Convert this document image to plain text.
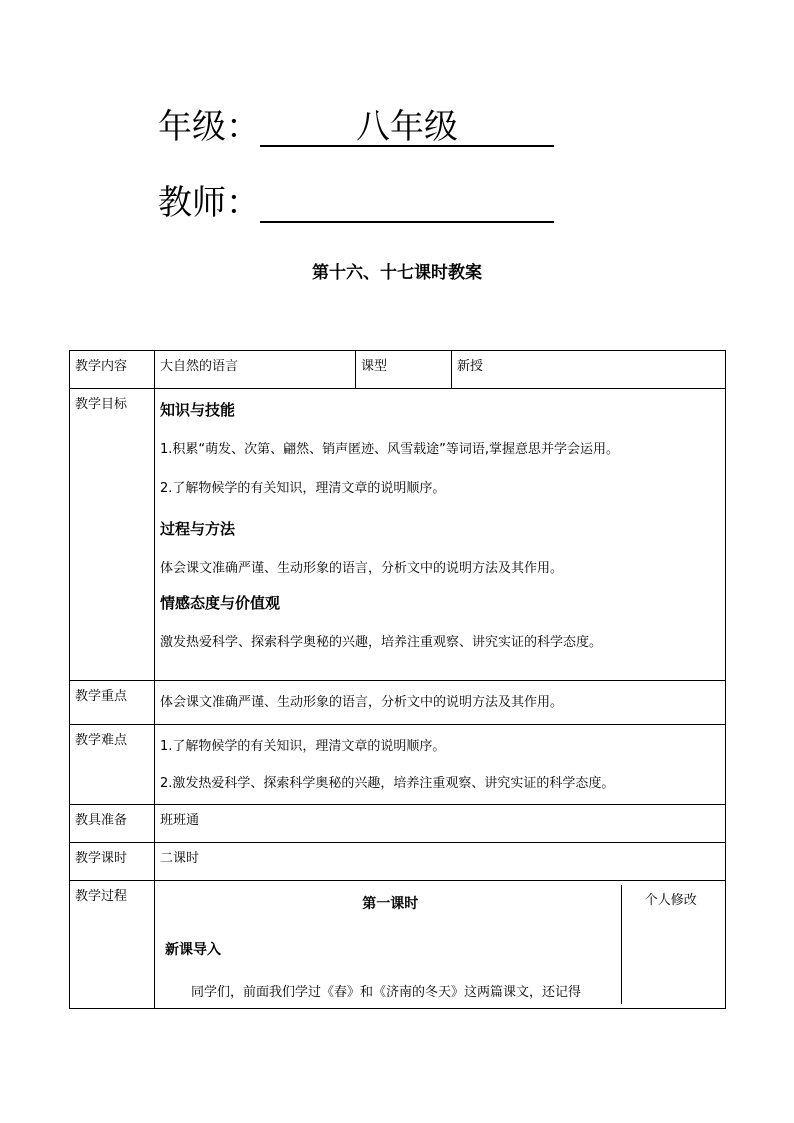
年级：	八年级
教师：
第十六、十七课时教案
教学内容	大自然的语言	课型	新授
教学目标	知识与技能
1.积累“萌发、次第、翩然、销声匿迹、风雪载途”等词语,掌握意思并学会运用。
2.了解物候学的有关知识，理清文章的说明顺序。
过程与方法
体会课文准确严谨、生动形象的语言，分析文中的说明方法及其作用。
情感态度与价值观
激发热爱科学、探索科学奥秘的兴趣，培养注重观察、讲究实证的科学态度。

教学重点	体会课文准确严谨、生动形象的语言，分析文中的说明方法及其作用。
教学难点	1.了解物候学的有关知识，理清文章的说明顺序。
2.激发热爱科学、探索科学奥秘的兴趣，培养注重观察、讲究实证的科学态度。

教具准备	班班通
教学课时	二课时
教学过程		第一课时
新课导入
同学们，前面我们学过《春》和《济南的冬天》这两篇课文，还记得
	个人修改
